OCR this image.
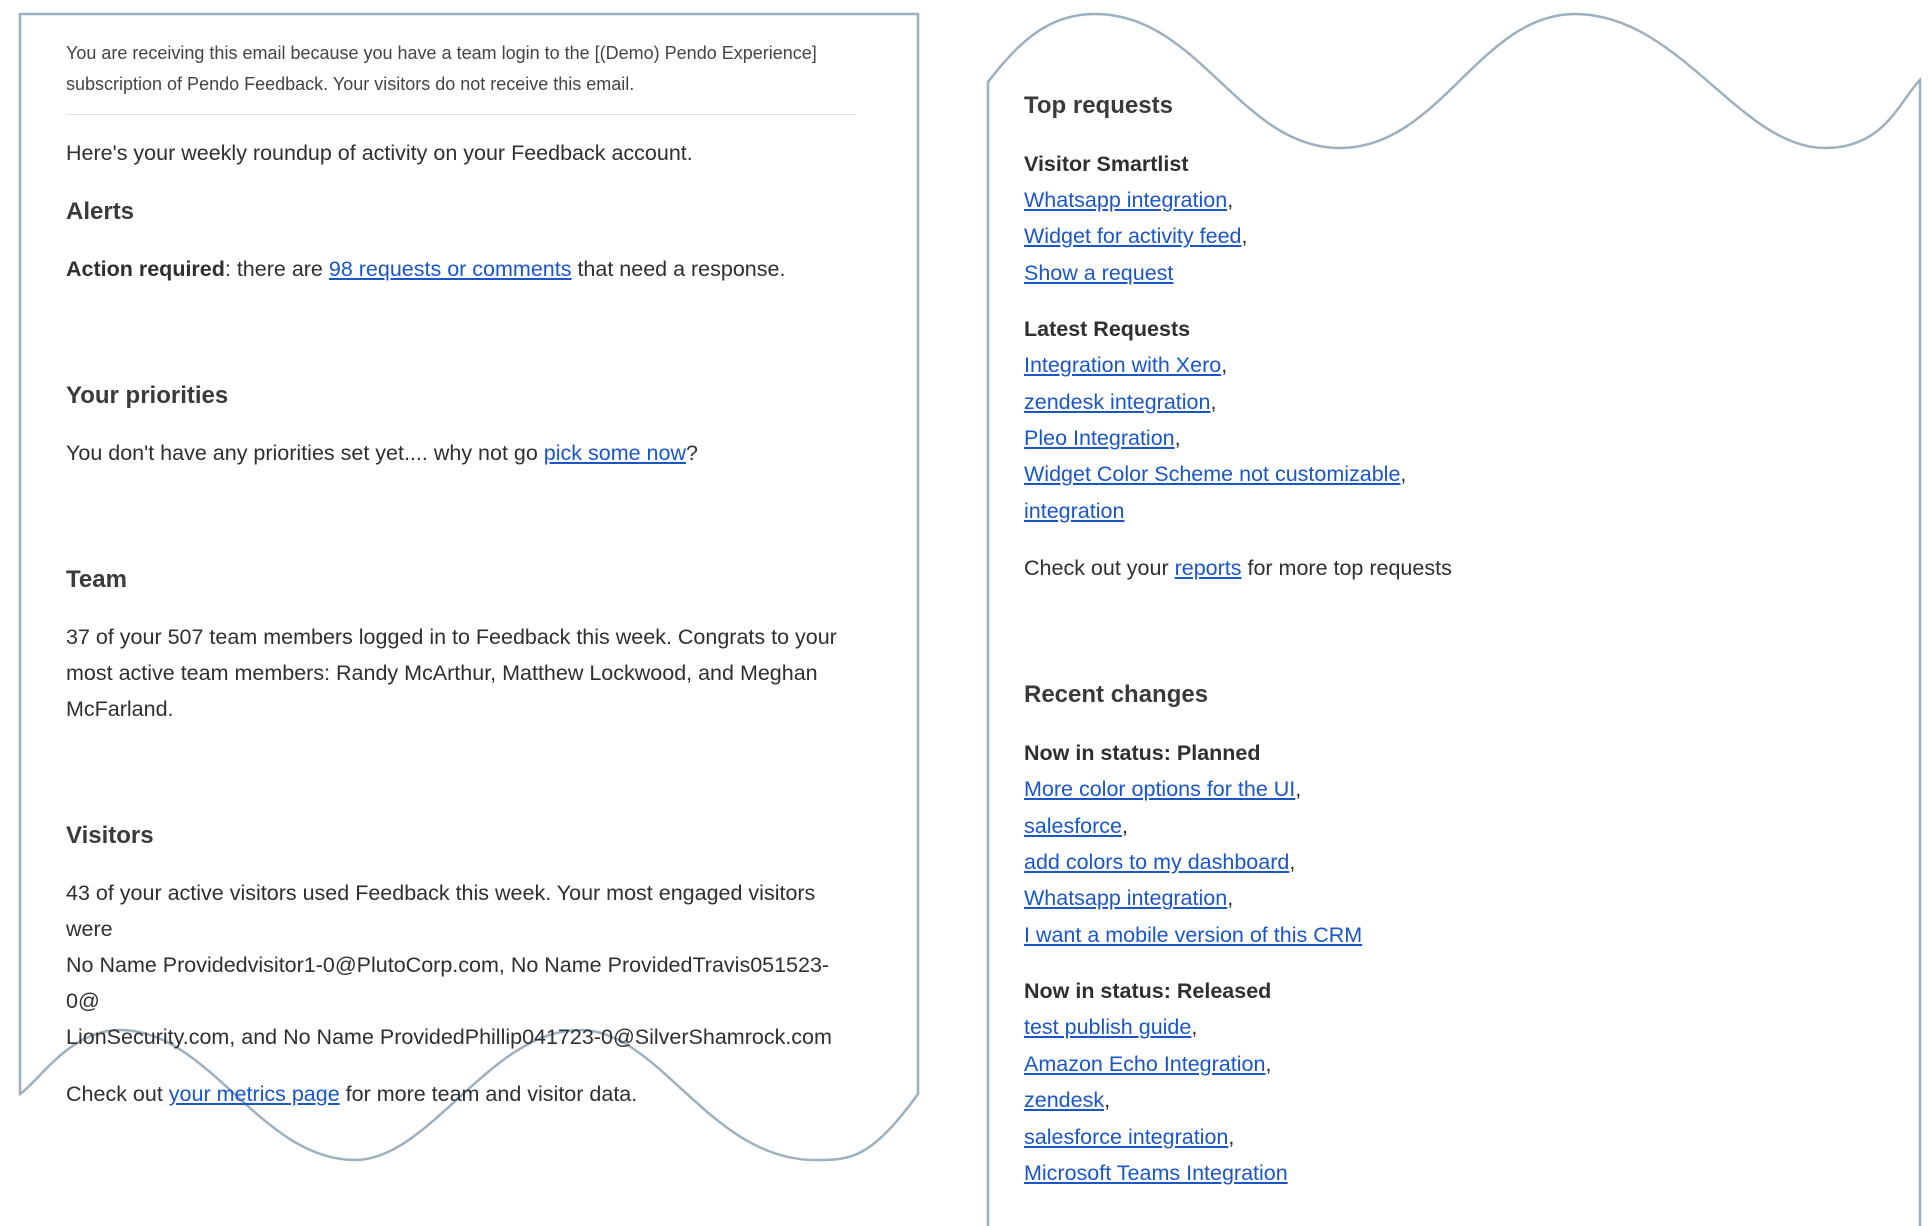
You are receiving this email because you have a team login to the [(Demo) Pendo Experience]
subscription of Pendo Feedback. Your visitors do not receive this email.

Here's your weekly roundup of activity on your Feedback account.

Alerts

Action required: there are 98 requests or comments that need a response.

Your priorities

You don't have any priorities set yet.... why not go pick some now?

Team

37 of your 507 team members logged in to Feedback this week. Congrats to your
most active team members: Randy McArthur, Matthew Lockwood, and Meghan
McFarland.

Visitors

43 of your active visitors used Feedback this week. Your most engaged visitors were
No Name Providedvisitor1-0@PlutoCorp.com, No Name ProvidedTravis051523-0@
LionSecurity.com, and No Name ProvidedPhillip041723-0@SilverShamrock.com

Check out your metrics page for more team and visitor data.

Top requests

Visitor Smartlist

Whatsapp integration,
Widget for activity feed,
Show a request

Latest Requests

Integration with Xero,
zendesk integration,
Pleo Integration,
Widget Color Scheme not customizable,
integration

Check out your reports for more top requests

Recent changes

Now in status: Planned

More color options for the UI,
salesforce,
add colors to my dashboard,
Whatsapp integration,
I want a mobile version of this CRM

Now in status: Released

test publish guide,
Amazon Echo Integration,
zendesk,
salesforce integration,
Microsoft Teams Integration
